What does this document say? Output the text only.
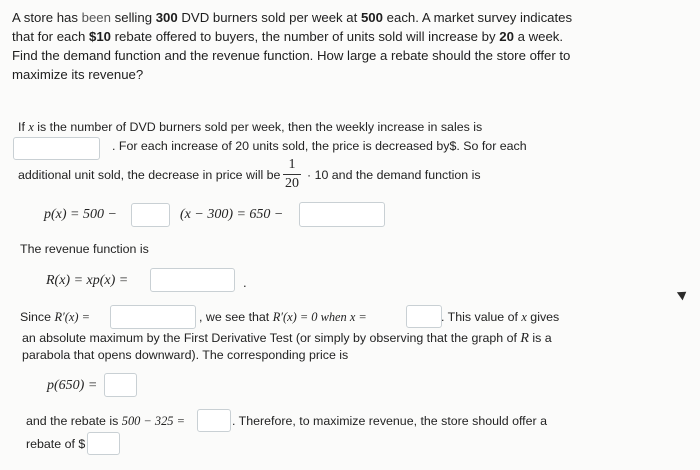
A store has been selling 300 DVD burners sold per week at 500 each. A market survey indicates that for each $10 rebate offered to buyers, the number of units sold will increase by 20 a week. Find the demand function and the revenue function. How large a rebate should the store offer to maximize its revenue?
If x is the number of DVD burners sold per week, then the weekly increase in sales is
. For each increase of 20 units sold, the price is decreased by$. So for each
additional unit sold, the decrease in price will be
1
20
· 10 and the demand function is
p(x) = 500 −	(x − 300) = 650 −
The revenue function is
R(x) = xp(x) =	.
Since R′(x) =	, we see that R′(x) = 0 when x =	. This value of x gives
an absolute maximum by the First Derivative Test (or simply by observing that the graph of R is a
parabola that opens downward). The corresponding price is
p(650) =
and the rebate is 500 − 325 =	. Therefore, to maximize revenue, the store should offer a
rebate of $
